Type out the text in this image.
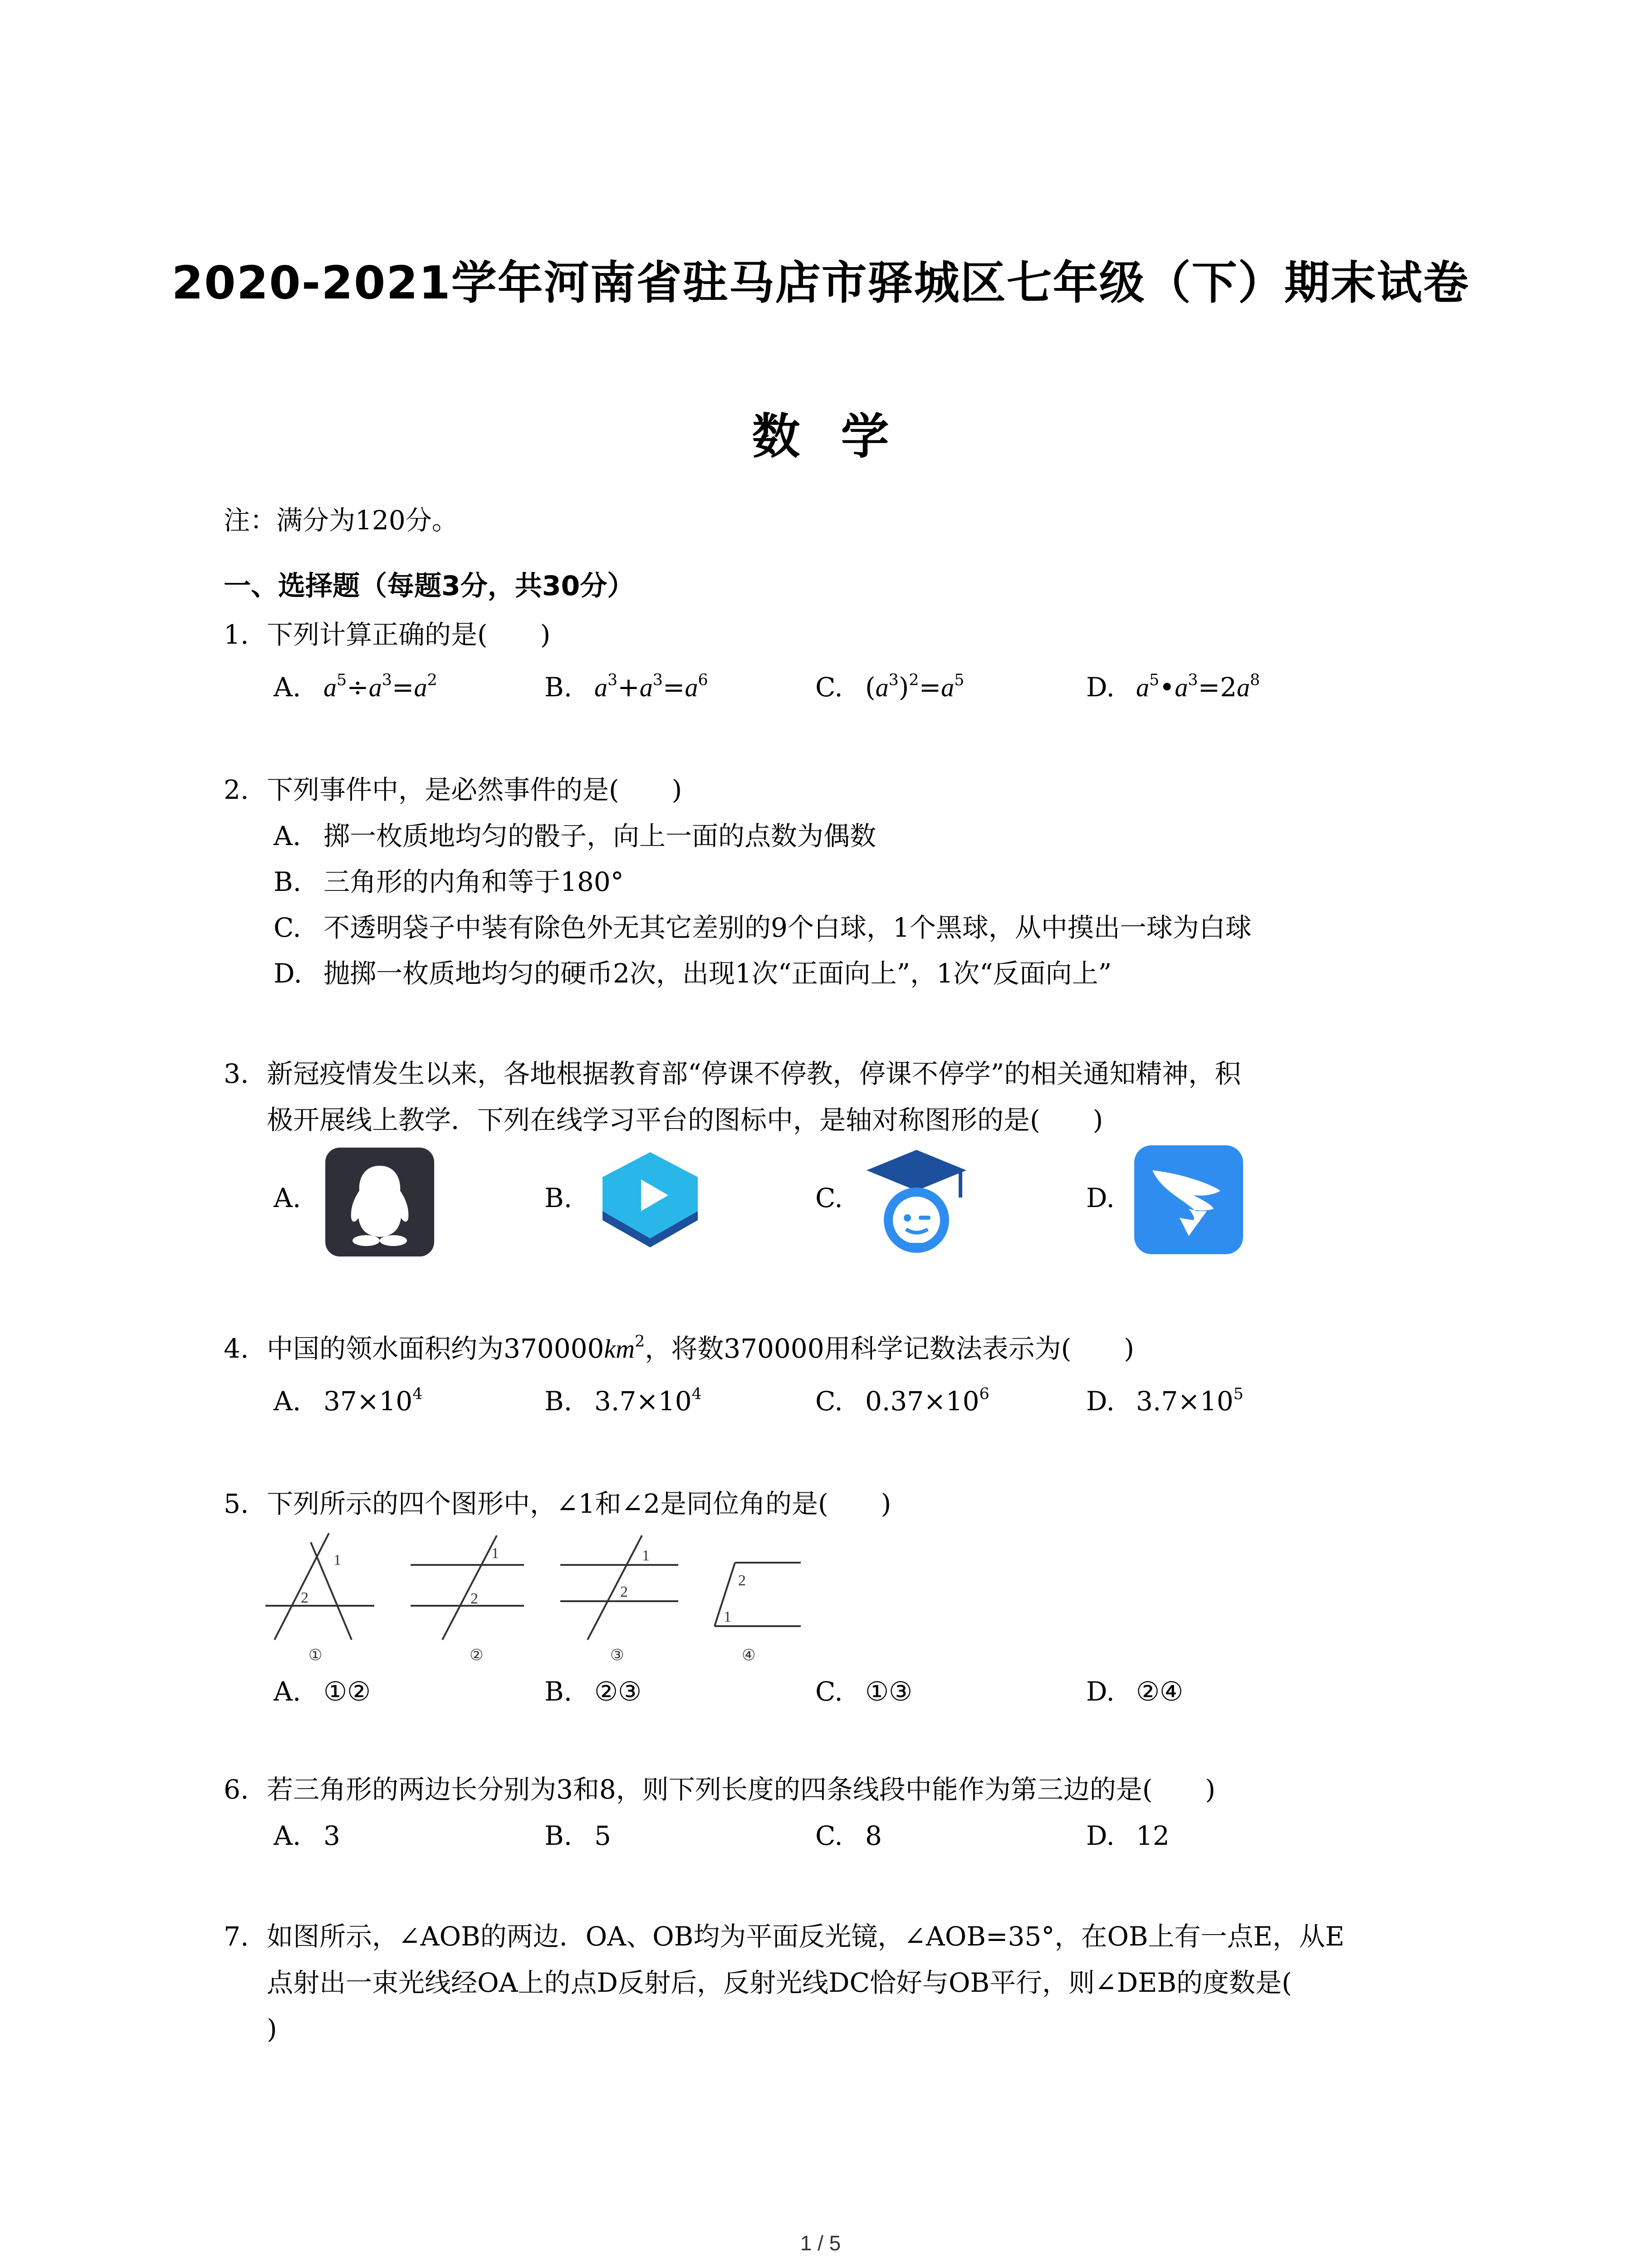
2020-2021学年河南省驻马店市驿城区七年级（下）期末试卷
数学
注：满分为120分。
一、选择题（每题3分，共30分）
1. 下列计算正确的是(　　)
A. $a^5\div a^3=a^2$	B. $a^3+a^3=a^6$	C. $(a^3)^2=a^5$	D. $a^5•a^3=2a^8$
2. 下列事件中，是必然事件的是(　　)
A. 掷一枚质地均匀的骰子，向上一面的点数为偶数
B. 三角形的内角和等于180°
C. 不透明袋子中装有除色外无其它差别的9个白球，1个黑球，从中摸出一球为白球
D. 抛掷一枚质地均匀的硬币2次，出现1次“正面向上”，1次“反面向上”
3. 新冠疫情发生以来，各地根据教育部“停课不停教，停课不停学”的相关通知精神，积
极开展线上教学．下列在线学习平台的图标中，是轴对称图形的是(　　)
A.	B.	C.	D.
4. 中国的领水面积约为$370000km^2$，将数370000用科学记数法表示为(　　)
A. $37\times 10^4$	B. $3.7\times 10^4$	C. $0.37\times 10^6$	D. $3.7\times 10^5$
5. 下列所示的四个图形中，∠1和∠2是同位角的是(　　)
1
2
①
1
2
②
1
2
③
2
1
④
A. ①②	B. ②③	C. ①③	D. ②④
6. 若三角形的两边长分别为3和8，则下列长度的四条线段中能作为第三边的是(　　)
A. 3	B. 5	C. 8	D. 12
7. 如图所示，∠AOB的两边．OA、OB均为平面反光镜，∠AOB=35°，在OB上有一点E，从E
点射出一束光线经OA上的点D反射后，反射光线DC恰好与OB平行，则∠DEB的度数是(
)
1 / 5
